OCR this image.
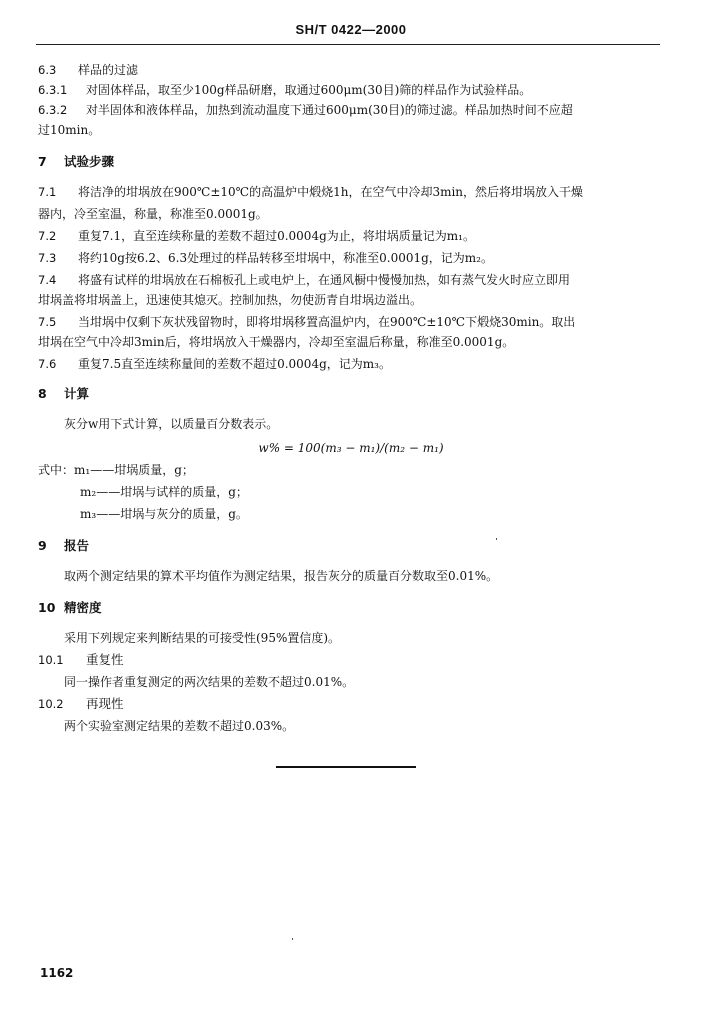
SH/T 0422—2000
6.3 样品的过滤
6.3.1 对固体样品，取至少100g样品研磨，取通过600μm(30目)筛的样品作为试验样品。
6.3.2 对半固体和液体样品，加热到流动温度下通过600μm(30目)的筛过滤。样品加热时间不应超
过10min。
7 试验步骤
7.1 将洁净的坩埚放在900℃±10℃的高温炉中煅烧1h，在空气中冷却3min，然后将坩埚放入干燥
器内，冷至室温，称量，称准至0.0001g。
7.2 重复7.1，直至连续称量的差数不超过0.0004g为止，将坩埚质量记为m₁。
7.3 将约10g按6.2、6.3处理过的样品转移至坩埚中，称准至0.0001g，记为m₂。
7.4 将盛有试样的坩埚放在石棉板孔上或电炉上，在通风橱中慢慢加热，如有蒸气发火时应立即用
坩埚盖将坩埚盖上，迅速使其熄灭。控制加热，勿使沥青自坩埚边溢出。
7.5 当坩埚中仅剩下灰状残留物时，即将坩埚移置高温炉内，在900℃±10℃下煅烧30min。取出
坩埚在空气中冷却3min后，将坩埚放入干燥器内，冷却至室温后称量，称准至0.0001g。
7.6 重复7.5直至连续称量间的差数不超过0.0004g，记为m₃。
8 计算
灰分w用下式计算，以质量百分数表示。
w% = 100(m₃ − m₁)/(m₂ − m₁)
式中：m₁——坩埚质量，g；
m₂——坩埚与试样的质量，g；
m₃——坩埚与灰分的质量，g。
9 报告
取两个测定结果的算术平均值作为测定结果，报告灰分的质量百分数取至0.01%。
10 精密度
采用下列规定来判断结果的可接受性(95%置信度)。
10.1 重复性
同一操作者重复测定的两次结果的差数不超过0.01%。
10.2 再现性
两个实验室测定结果的差数不超过0.03%。
1162
